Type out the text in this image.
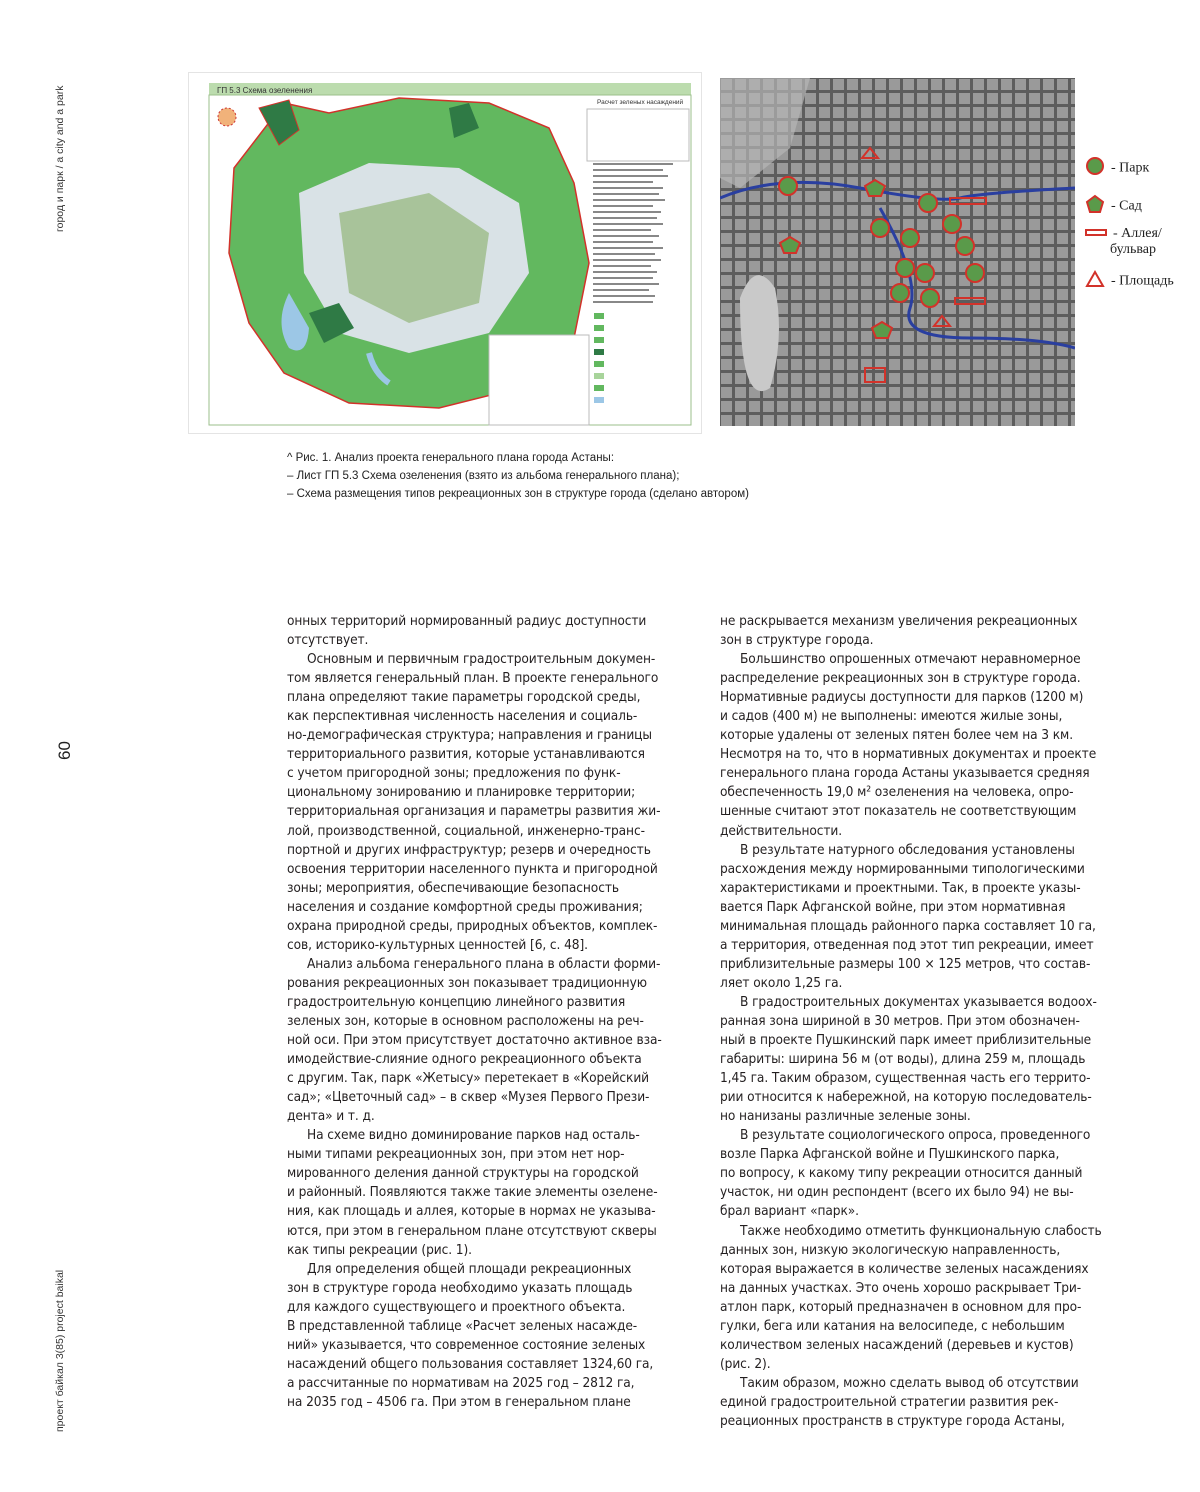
город и парк / a city and a park
60
проект байкал 3(85) project baikal
ГП 5.3 Схема озеленения
Расчет зеленых насаждений
- Парк
- Сад
- Аллея/
бульвар
- Площадь
^ Рис. 1. Анализ проекта генерального плана города Астаны:
– Лист ГП 5.3 Схема озеленения (взято из альбома генерального плана);
– Схема размещения типов рекреационных зон в структуре города (сделано автором)
онных территорий нормированный радиус доступности
отсутствует.
Основным и первичным градостроительным докумен-
том является генеральный план. В проекте генерального
плана определяют такие параметры городской среды,
как перспективная численность населения и социаль-
но-демографическая структура; направления и границы
территориального развития, которые устанавливаются
с учетом пригородной зоны; предложения по функ-
циональному зонированию и планировке территории;
территориальная организация и параметры развития жи-
лой, производственной, социальной, инженерно-транс-
портной и других инфраструктур; резерв и очередность
освоения территории населенного пункта и пригородной
зоны; мероприятия, обеспечивающие безопасность
населения и создание комфортной среды проживания;
охрана природной среды, природных объектов, комплек-
сов, историко-культурных ценностей [6, с. 48].
Анализ альбома генерального плана в области форми-
рования рекреационных зон показывает традиционную
градостроительную концепцию линейного развития
зеленых зон, которые в основном расположены на реч-
ной оси. При этом присутствует достаточно активное вза-
имодействие-слияние одного рекреационного объекта
с другим. Так, парк «Жетысу» перетекает в «Корейский
сад»; «Цветочный сад» – в сквер «Музея Первого Прези-
дента» и т. д.
На схеме видно доминирование парков над осталь-
ными типами рекреационных зон, при этом нет нор-
мированного деления данной структуры на городской
и районный. Появляются также такие элементы озелене-
ния, как площадь и аллея, которые в нормах не указыва-
ются, при этом в генеральном плане отсутствуют скверы
как типы рекреации (рис. 1).
Для определения общей площади рекреационных
зон в структуре города необходимо указать площадь
для каждого существующего и проектного объекта.
В представленной таблице «Расчет зеленых насажде-
ний» указывается, что современное состояние зеленых
насаждений общего пользования составляет 1324,60 га,
а рассчитанные по нормативам на 2025 год – 2812 га,
на 2035 год – 4506 га. При этом в генеральном плане
не раскрывается механизм увеличения рекреационных
зон в структуре города.
Большинство опрошенных отмечают неравномерное
распределение рекреационных зон в структуре города.
Нормативные радиусы доступности для парков (1200 м)
и садов (400 м) не выполнены: имеются жилые зоны,
которые удалены от зеленых пятен более чем на 3 км.
Несмотря на то, что в нормативных документах и проекте
генерального плана города Астаны указывается средняя
обеспеченность 19,0 м² озеленения на человека, опро-
шенные считают этот показатель не соответствующим
действительности.
В результате натурного обследования установлены
расхождения между нормированными типологическими
характеристиками и проектными. Так, в проекте указы-
вается Парк Афганской войне, при этом нормативная
минимальная площадь районного парка составляет 10 га,
а территория, отведенная под этот тип рекреации, имеет
приблизительные размеры 100 × 125 метров, что состав-
ляет около 1,25 га.
В градостроительных документах указывается водоох-
ранная зона шириной в 30 метров. При этом обозначен-
ный в проекте Пушкинский парк имеет приблизительные
габариты: ширина 56 м (от воды), длина 259 м, площадь
1,45 га. Таким образом, существенная часть его террито-
рии относится к набережной, на которую последователь-
но нанизаны различные зеленые зоны.
В результате социологического опроса, проведенного
возле Парка Афганской войне и Пушкинского парка,
по вопросу, к какому типу рекреации относится данный
участок, ни один респондент (всего их было 94) не вы-
брал вариант «парк».
Также необходимо отметить функциональную слабость
данных зон, низкую экологическую направленность,
которая выражается в количестве зеленых насаждениях
на данных участках. Это очень хорошо раскрывает Три-
атлон парк, который предназначен в основном для про-
гулки, бега или катания на велосипеде, с небольшим
количеством зеленых насаждений (деревьев и кустов)
(рис. 2).
Таким образом, можно сделать вывод об отсутствии
единой градостроительной стратегии развития рек-
реационных пространств в структуре города Астаны,
